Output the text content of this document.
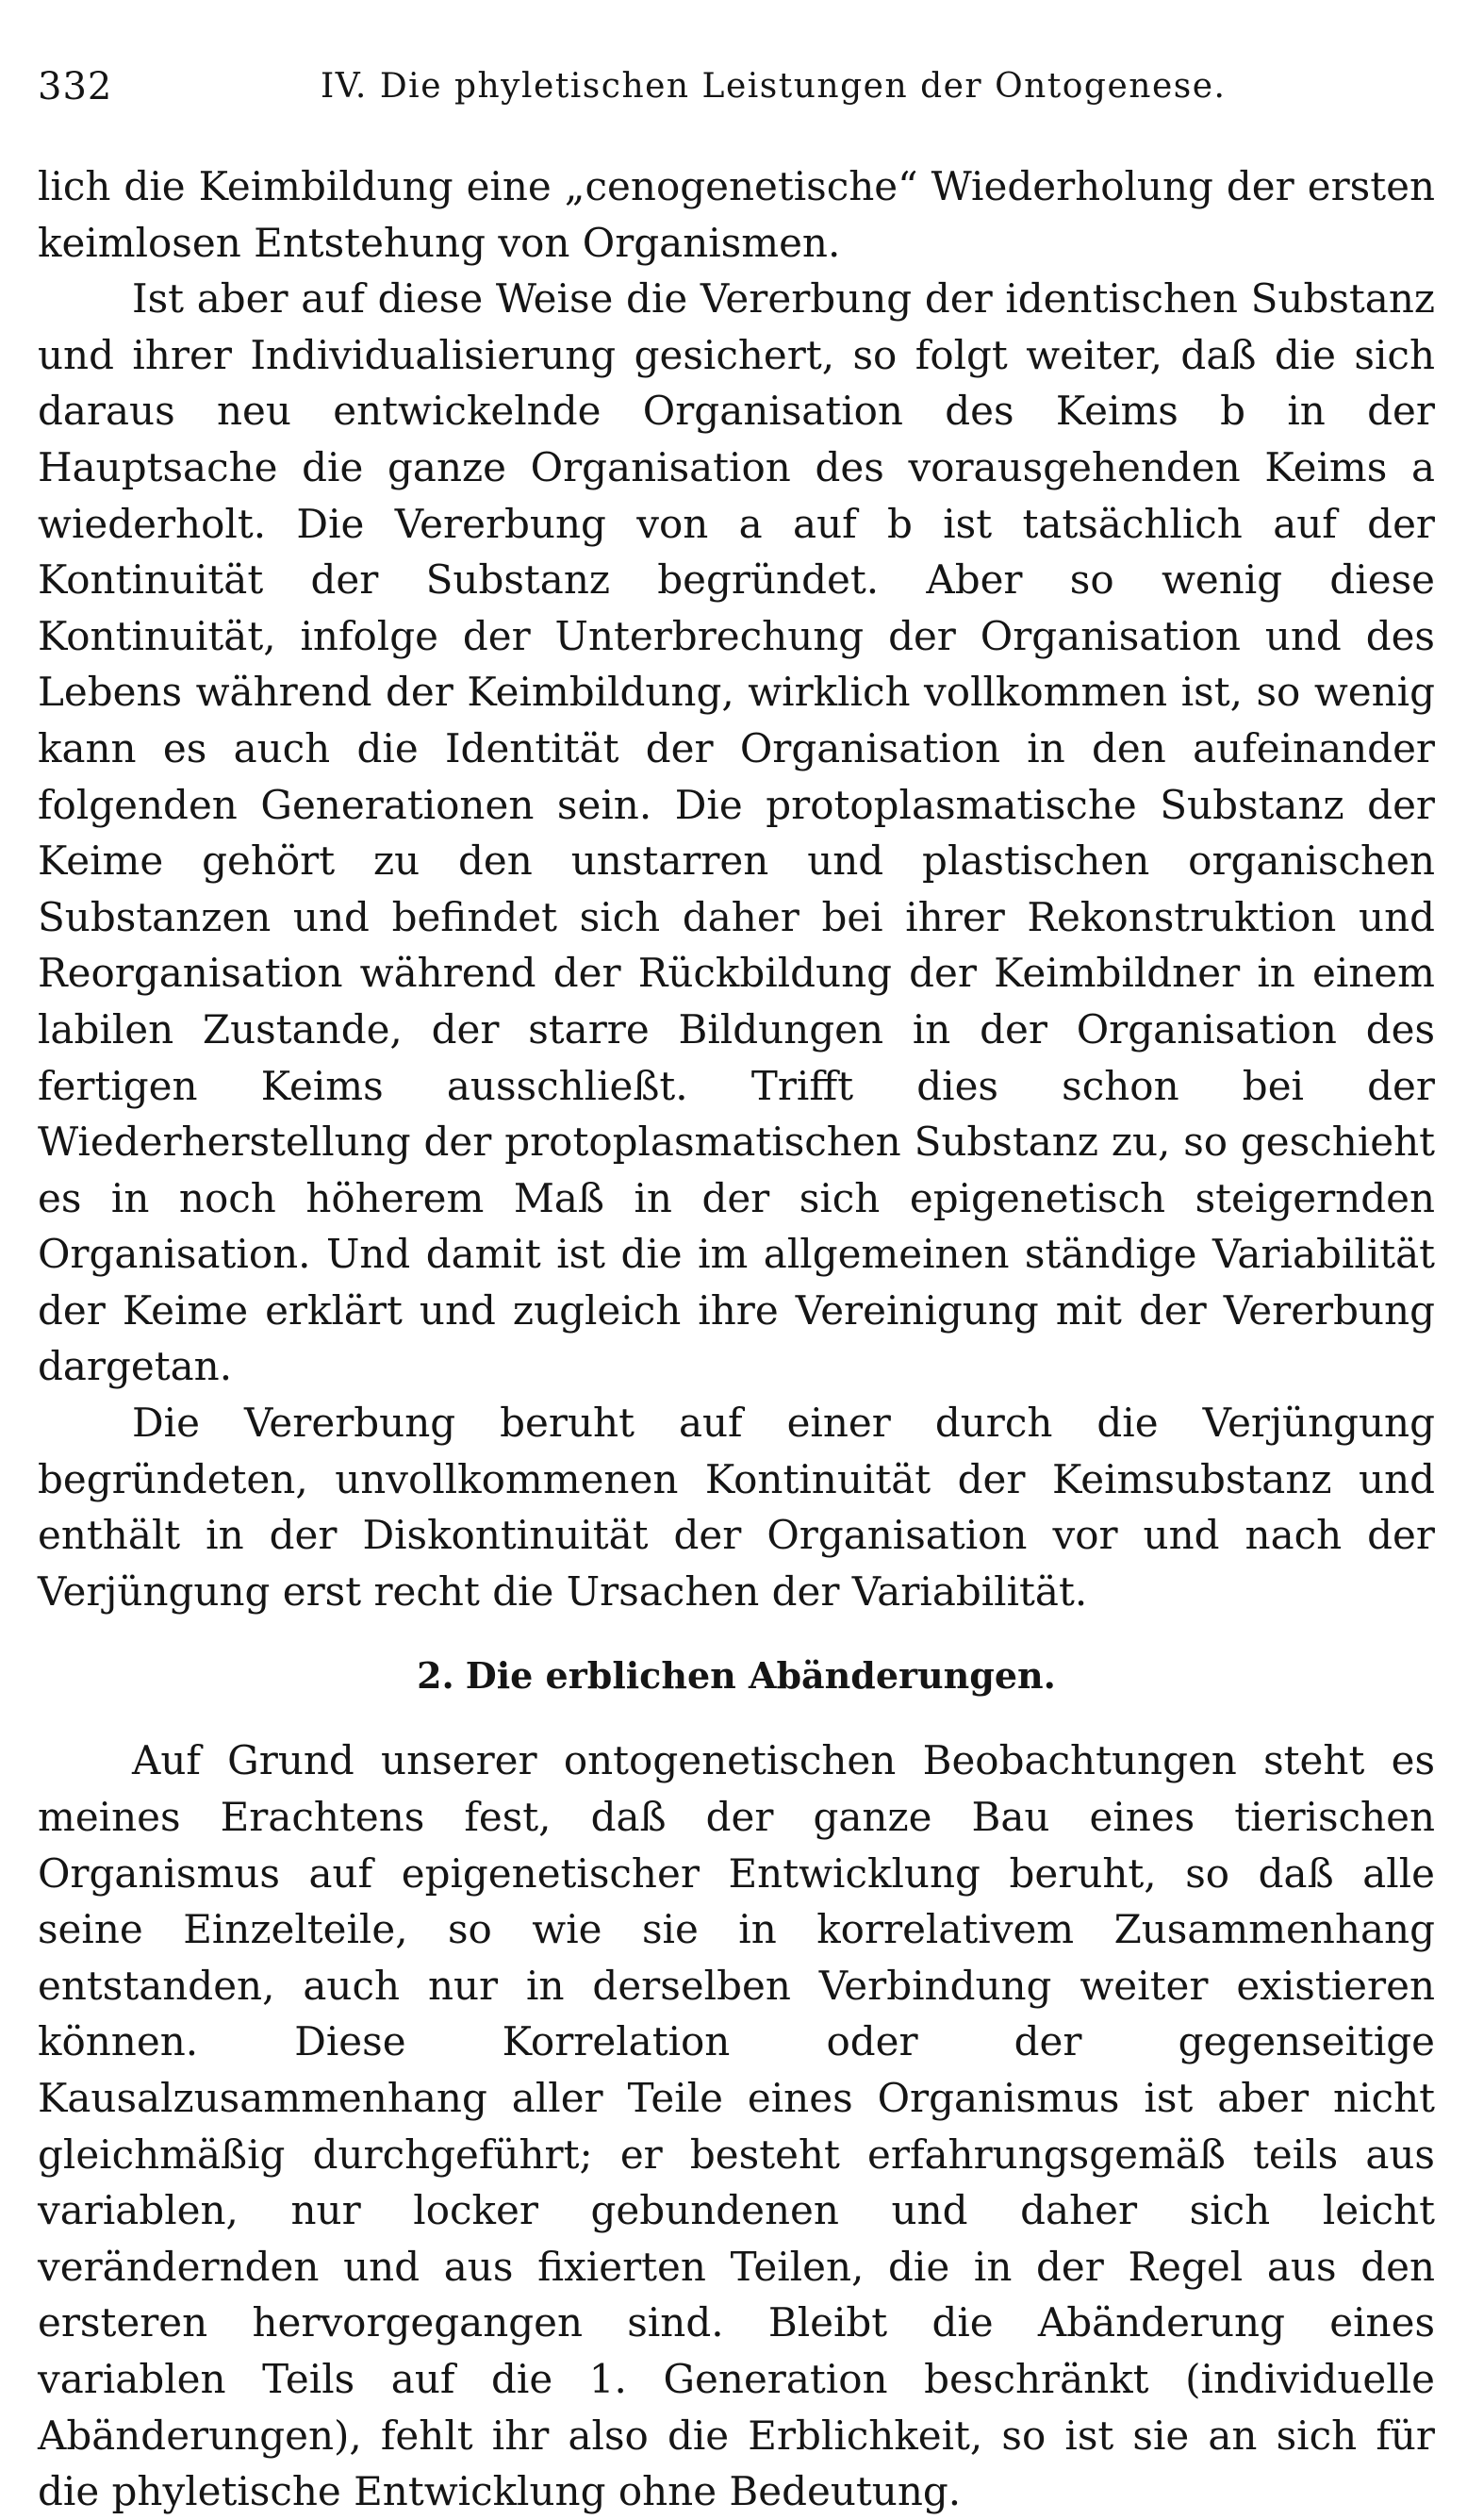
332	IV. Die phyletischen Leistungen der Ontogenese.

lich die Keimbildung eine „cenogenetische“ Wiederholung der ersten keimlosen Entstehung von Organismen.

Ist aber auf diese Weise die Vererbung der identischen Substanz und ihrer Individualisierung gesichert, so folgt weiter, daß die sich daraus neu entwickelnde Organisation des Keims b in der Hauptsache die ganze Organisation des vorausgehenden Keims a wiederholt. Die Vererbung von a auf b ist tatsächlich auf der Kontinuität der Substanz begründet. Aber so wenig diese Kontinuität, infolge der Unterbrechung der Organisation und des Lebens während der Keimbildung, wirklich vollkommen ist, so wenig kann es auch die Identität der Organisation in den aufeinander folgenden Generationen sein. Die protoplasmatische Substanz der Keime gehört zu den unstarren und plastischen organischen Substanzen und befindet sich daher bei ihrer Rekonstruktion und Reorganisation während der Rückbildung der Keimbildner in einem labilen Zustande, der starre Bildungen in der Organisation des fertigen Keims ausschließt. Trifft dies schon bei der Wiederherstellung der protoplasmatischen Substanz zu, so geschieht es in noch höherem Maß in der sich epigenetisch steigernden Organisation. Und damit ist die im allgemeinen ständige Variabilität der Keime erklärt und zugleich ihre Vereinigung mit der Vererbung dargetan.

Die Vererbung beruht auf einer durch die Verjüngung begründeten, unvollkommenen Kontinuität der Keimsubstanz und enthält in der Diskontinuität der Organisation vor und nach der Verjüngung erst recht die Ursachen der Variabilität.

2. Die erblichen Abänderungen.

Auf Grund unserer ontogenetischen Beobachtungen steht es meines Erachtens fest, daß der ganze Bau eines tierischen Organismus auf epigenetischer Entwicklung beruht, so daß alle seine Einzelteile, so wie sie in korrelativem Zusammenhang entstanden, auch nur in derselben Verbindung weiter existieren können. Diese Korrelation oder der gegenseitige Kausalzusammenhang aller Teile eines Organismus ist aber nicht gleichmäßig durchgeführt; er besteht erfahrungsgemäß teils aus variablen, nur locker gebundenen und daher sich leicht verändernden und aus fixierten Teilen, die in der Regel aus den ersteren hervorgegangen sind. Bleibt die Abänderung eines variablen Teils auf die 1. Generation beschränkt (individuelle Abänderungen), fehlt ihr also die Erblichkeit, so ist sie an sich für die phyletische Entwicklung ohne Bedeutung.
